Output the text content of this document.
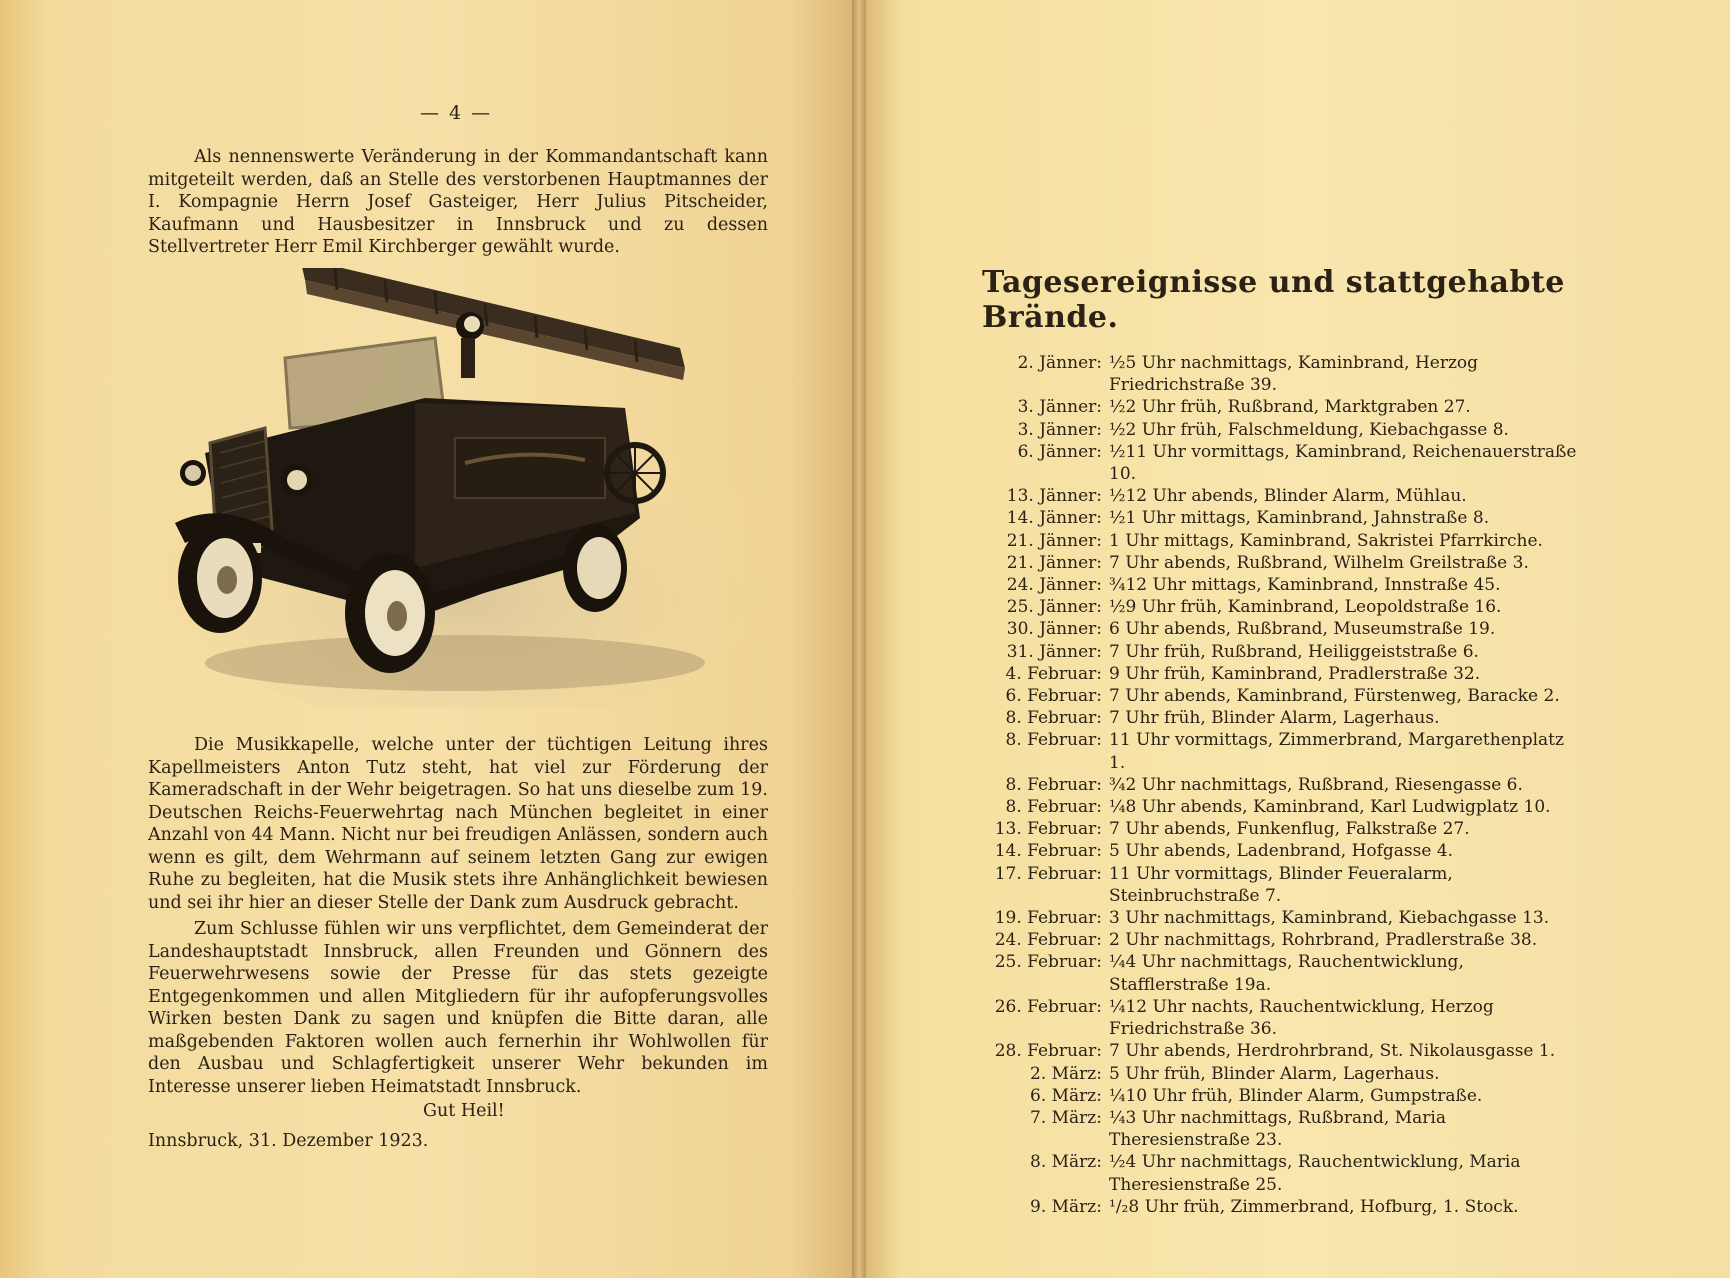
— 4 —

Als nennenswerte Veränderung in der Kommandantschaft kann mitgeteilt werden, daß an Stelle des verstorbenen Hauptmannes der I. Kompagnie Herrn Josef Gasteiger, Herr Julius Pitscheider, Kaufmann und Hausbesitzer in Innsbruck und zu dessen Stellvertreter Herr Emil Kirchberger gewählt wurde.

Die Musikkapelle, welche unter der tüchtigen Leitung ihres Kapellmeisters Anton Tutz steht, hat viel zur Förderung der Kameradschaft in der Wehr beigetragen. So hat uns dieselbe zum 19. Deutschen Reichs-Feuerwehrtag nach München begleitet in einer Anzahl von 44 Mann. Nicht nur bei freudigen Anlässen, sondern auch wenn es gilt, dem Wehrmann auf seinem letzten Gang zur ewigen Ruhe zu begleiten, hat die Musik stets ihre Anhänglichkeit bewiesen und sei ihr hier an dieser Stelle der Dank zum Ausdruck gebracht.

Zum Schlusse fühlen wir uns verpflichtet, dem Gemeinderat der Landeshauptstadt Innsbruck, allen Freunden und Gönnern des Feuerwehrwesens sowie der Presse für das stets gezeigte Entgegenkommen und allen Mitgliedern für ihr aufopferungsvolles Wirken besten Dank zu sagen und knüpfen die Bitte daran, alle maßgebenden Faktoren wollen auch fernerhin ihr Wohlwollen für den Ausbau und Schlagfertigkeit unserer Wehr bekunden im Interesse unserer lieben Heimatstadt Innsbruck.

Gut Heil!
Innsbruck, 31. Dezember 1923.
Tagesereignisse und stattgehabte Brände.
2. Jänner: ½5 Uhr nachmittags, Kaminbrand, Herzog Friedrichstraße 39.
3. Jänner: ½2 Uhr früh, Rußbrand, Marktgraben 27.
3. Jänner: ½2 Uhr früh, Falschmeldung, Kiebachgasse 8.
6. Jänner: ½11 Uhr vormittags, Kaminbrand, Reichenauerstraße 10.
13. Jänner: ½12 Uhr abends, Blinder Alarm, Mühlau.
14. Jänner: ½1 Uhr mittags, Kaminbrand, Jahnstraße 8.
21. Jänner: 1 Uhr mittags, Kaminbrand, Sakristei Pfarrkirche.
21. Jänner: 7 Uhr abends, Rußbrand, Wilhelm Greilstraße 3.
24. Jänner: ¾12 Uhr mittags, Kaminbrand, Innstraße 45.
25. Jänner: ½9 Uhr früh, Kaminbrand, Leopoldstraße 16.
30. Jänner: 6 Uhr abends, Rußbrand, Museumstraße 19.
31. Jänner: 7 Uhr früh, Rußbrand, Heiliggeiststraße 6.
4. Februar: 9 Uhr früh, Kaminbrand, Pradlerstraße 32.
6. Februar: 7 Uhr abends, Kaminbrand, Fürstenweg, Baracke 2.
8. Februar: 7 Uhr früh, Blinder Alarm, Lagerhaus.
8. Februar: 11 Uhr vormittags, Zimmerbrand, Margarethenplatz 1.
8. Februar: ¾2 Uhr nachmittags, Rußbrand, Riesengasse 6.
8. Februar: ¼8 Uhr abends, Kaminbrand, Karl Ludwigplatz 10.
13. Februar: 7 Uhr abends, Funkenflug, Falkstraße 27.
14. Februar: 5 Uhr abends, Ladenbrand, Hofgasse 4.
17. Februar: 11 Uhr vormittags, Blinder Feueralarm, Steinbruchstraße 7.
19. Februar: 3 Uhr nachmittags, Kaminbrand, Kiebachgasse 13.
24. Februar: 2 Uhr nachmittags, Rohrbrand, Pradlerstraße 38.
25. Februar: ¼4 Uhr nachmittags, Rauchentwicklung, Stafflerstraße 19a.
26. Februar: ¼12 Uhr nachts, Rauchentwicklung, Herzog Friedrichstraße 36.
28. Februar: 7 Uhr abends, Herdrohrbrand, St. Nikolausgasse 1.
2. März: 5 Uhr früh, Blinder Alarm, Lagerhaus.
6. März: ¼10 Uhr früh, Blinder Alarm, Gumpstraße.
7. März: ¼3 Uhr nachmittags, Rußbrand, Maria Theresienstraße 23.
8. März: ½4 Uhr nachmittags, Rauchentwicklung, Maria Theresienstraße 25.
9. März: ¹/₂8 Uhr früh, Zimmerbrand, Hofburg, 1. Stock.
